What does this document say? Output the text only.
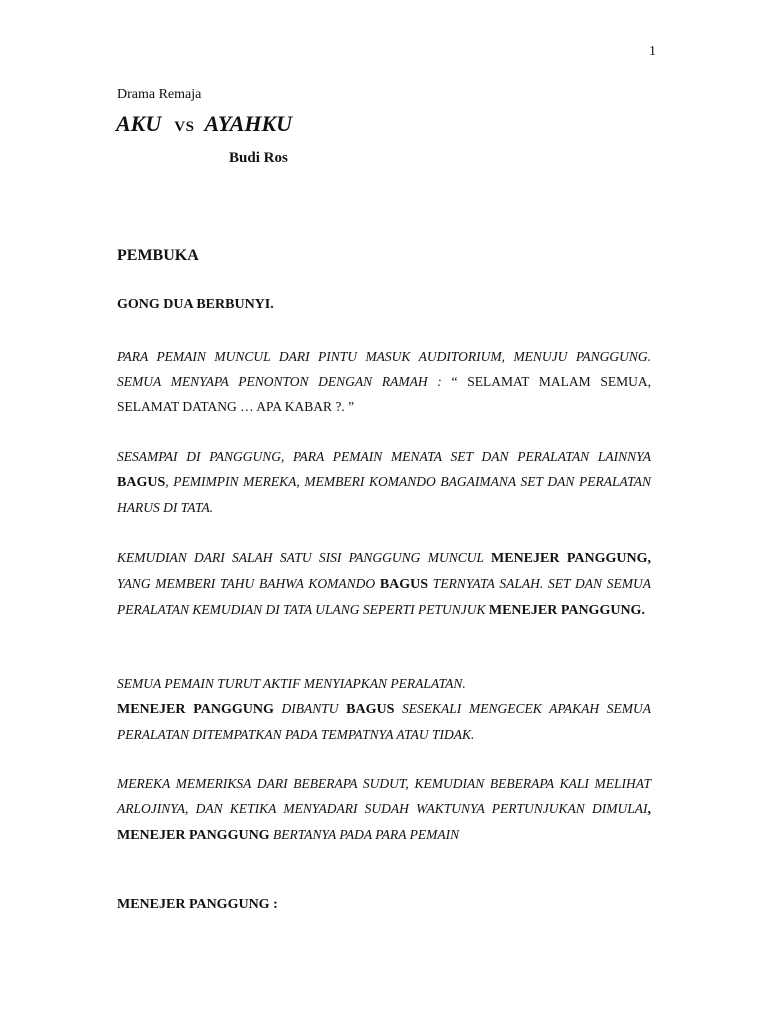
1
Drama Remaja
AKU VS AYAHKU
Budi Ros
PEMBUKA
GONG DUA BERBUNYI.

PARA PEMAIN MUNCUL DARI PINTU MASUK AUDITORIUM, MENUJU PANGGUNG. SEMUA MENYAPA PENONTON DENGAN RAMAH : “ SELAMAT MALAM SEMUA, SELAMAT DATANG … APA KABAR ?. ”

SESAMPAI DI PANGGUNG, PARA PEMAIN MENATA SET DAN PERALATAN LAINNYA BAGUS, PEMIMPIN MEREKA, MEMBERI KOMANDO BAGAIMANA SET DAN PERALATAN HARUS DI TATA.

KEMUDIAN DARI SALAH SATU SISI PANGGUNG MUNCUL MENEJER PANGGUNG, YANG MEMBERI TAHU BAHWA KOMANDO BAGUS TERNYATA SALAH. SET DAN SEMUA PERALATAN KEMUDIAN DI TATA ULANG SEPERTI PETUNJUK MENEJER PANGGUNG.

SEMUA PEMAIN TURUT AKTIF MENYIAPKAN PERALATAN.
MENEJER PANGGUNG DIBANTU BAGUS SESEKALI MENGECEK APAKAH SEMUA PERALATAN DITEMPATKAN PADA TEMPATNYA ATAU TIDAK.

MEREKA MEMERIKSA DARI BEBERAPA SUDUT, KEMUDIAN BEBERAPA KALI MELIHAT ARLOJINYA, DAN KETIKA MENYADARI SUDAH WAKTUNYA PERTUNJUKAN DIMULAI, MENEJER PANGGUNG BERTANYA PADA PARA PEMAIN

MENEJER PANGGUNG :
